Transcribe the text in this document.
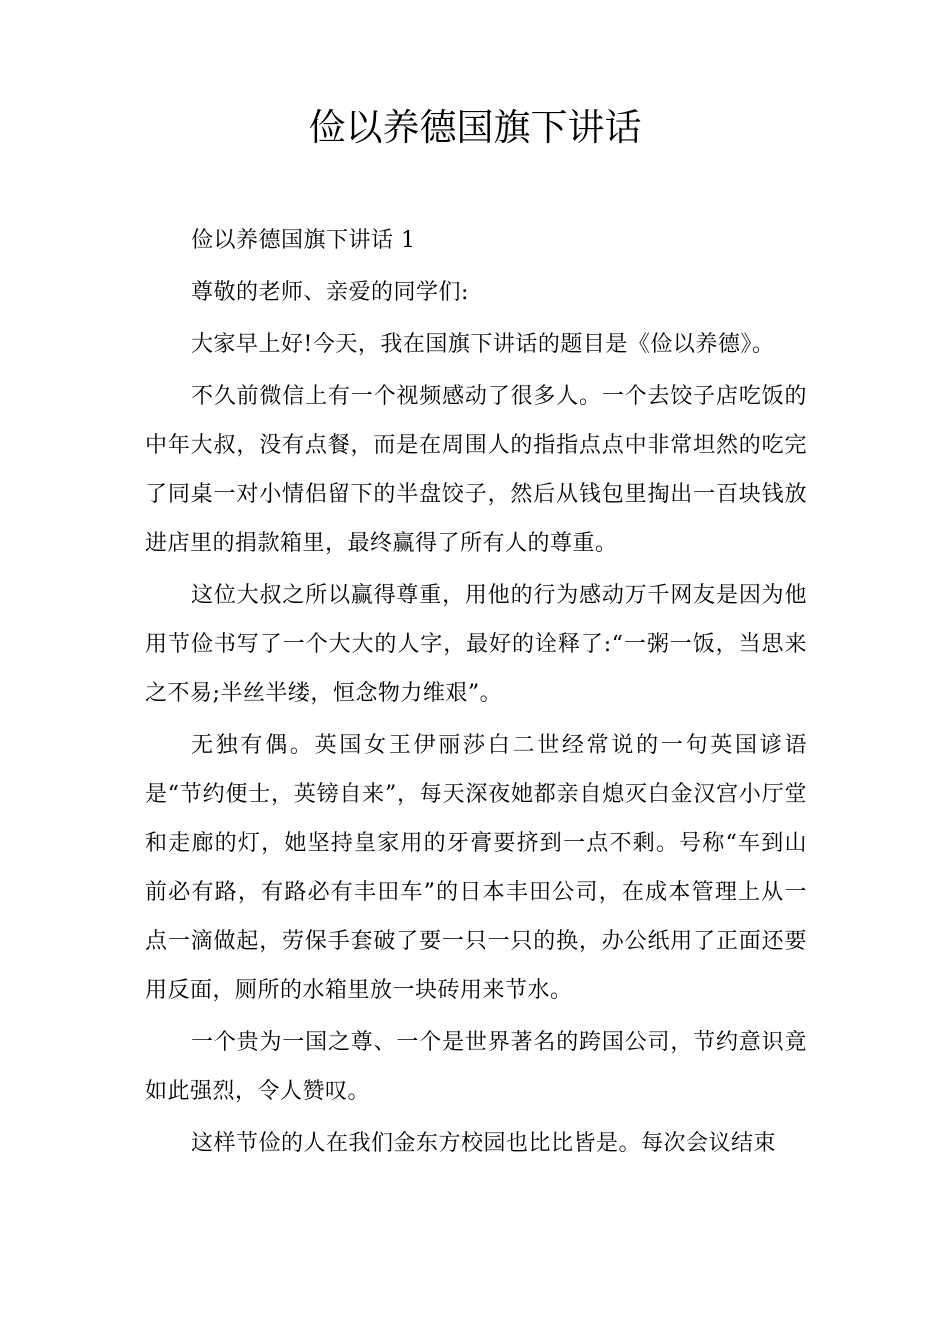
俭以养德国旗下讲话

俭以养德国旗下讲话 1

尊敬的老师、亲爱的同学们:

大家早上好!今天，我在国旗下讲话的题目是《俭以养德》。

不久前微信上有一个视频感动了很多人。一个去饺子店吃饭的中年大叔，没有点餐，而是在周围人的指指点点中非常坦然的吃完了同桌一对小情侣留下的半盘饺子，然后从钱包里掏出一百块钱放进店里的捐款箱里，最终赢得了所有人的尊重。

这位大叔之所以赢得尊重，用他的行为感动万千网友是因为他用节俭书写了一个大大的人字，最好的诠释了:“一粥一饭，当思来之不易;半丝半缕，恒念物力维艰”。

无独有偶。英国女王伊丽莎白二世经常说的一句英国谚语是“节约便士，英镑自来”，每天深夜她都亲自熄灭白金汉宫小厅堂和走廊的灯，她坚持皇家用的牙膏要挤到一点不剩。号称“车到山前必有路，有路必有丰田车”的日本丰田公司，在成本管理上从一点一滴做起，劳保手套破了要一只一只的换，办公纸用了正面还要用反面，厕所的水箱里放一块砖用来节水。

一个贵为一国之尊、一个是世界著名的跨国公司，节约意识竟如此强烈，令人赞叹。

这样节俭的人在我们金东方校园也比比皆是。每次会议结束
